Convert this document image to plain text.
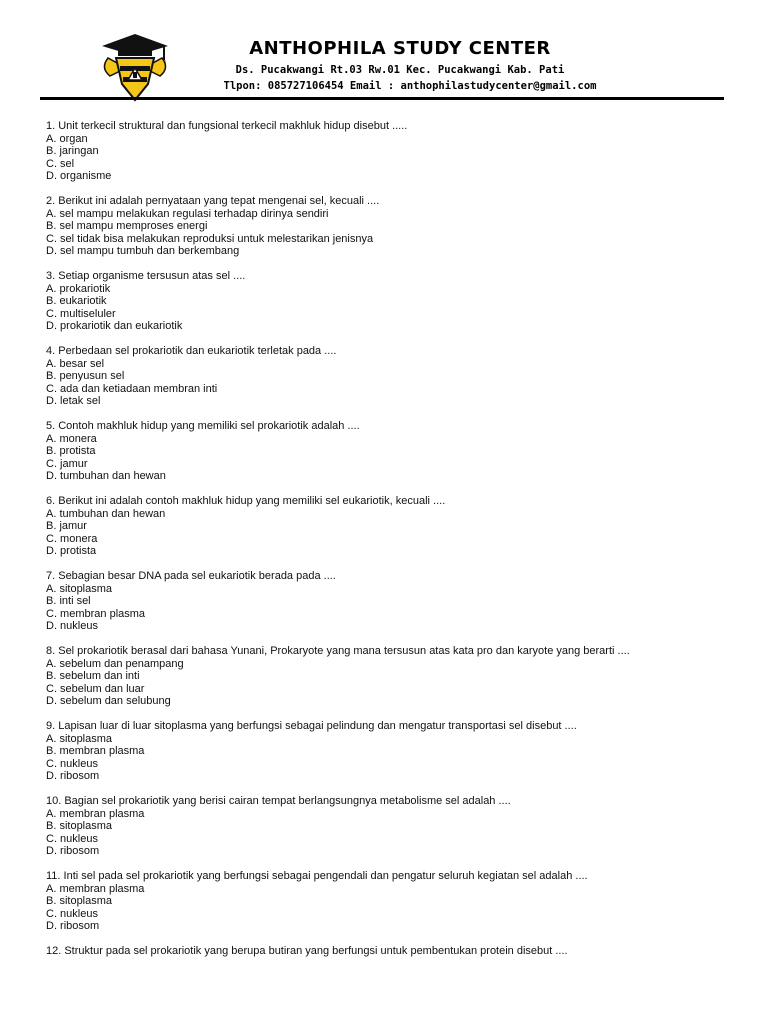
ANTHOPHILA STUDY CENTER
Ds. Pucakwangi Rt.03 Rw.01 Kec. Pucakwangi Kab. Pati
Tlpon: 085727106454 Email : anthophilastudycenter@gmail.com
1. Unit terkecil struktural dan fungsional terkecil makhluk hidup disebut .....
A. organ
B. jaringan
C. sel
D. organisme
2. Berikut ini adalah pernyataan yang tepat mengenai sel, kecuali ....
A. sel mampu melakukan regulasi terhadap dirinya sendiri
B. sel mampu memproses energi
C. sel tidak bisa melakukan reproduksi untuk melestarikan jenisnya
D. sel mampu tumbuh dan berkembang
3. Setiap organisme tersusun atas sel ....
A. prokariotik
B. eukariotik
C. multiseluler
D. prokariotik dan eukariotik
4. Perbedaan sel prokariotik dan eukariotik terletak pada ....
A. besar sel
B. penyusun sel
C. ada dan ketiadaan membran inti
D. letak sel
5. Contoh makhluk hidup yang memiliki sel prokariotik adalah ....
A. monera
B. protista
C. jamur
D. tumbuhan dan hewan
6. Berikut ini adalah contoh makhluk hidup yang memiliki sel eukariotik, kecuali ....
A. tumbuhan dan hewan
B. jamur
C. monera
D. protista
7. Sebagian besar DNA pada sel eukariotik berada pada ....
A. sitoplasma
B. inti sel
C. membran plasma
D. nukleus
8. Sel prokariotik berasal dari bahasa Yunani, Prokaryote yang mana tersusun atas kata pro dan karyote yang berarti ....
A. sebelum dan penampang
B. sebelum dan inti
C. sebelum dan luar
D. sebelum dan selubung
9. Lapisan luar di luar sitoplasma yang berfungsi sebagai pelindung dan mengatur transportasi sel disebut ....
A. sitoplasma
B. membran plasma
C. nukleus
D. ribosom
10. Bagian sel prokariotik yang berisi cairan tempat berlangsungnya metabolisme sel adalah ....
A. membran plasma
B. sitoplasma
C. nukleus
D. ribosom
11. Inti sel pada sel prokariotik yang berfungsi sebagai pengendali dan pengatur seluruh kegiatan sel adalah ....
A. membran plasma
B. sitoplasma
C. nukleus
D. ribosom
12. Struktur pada sel prokariotik yang berupa butiran yang berfungsi untuk pembentukan protein disebut ....
